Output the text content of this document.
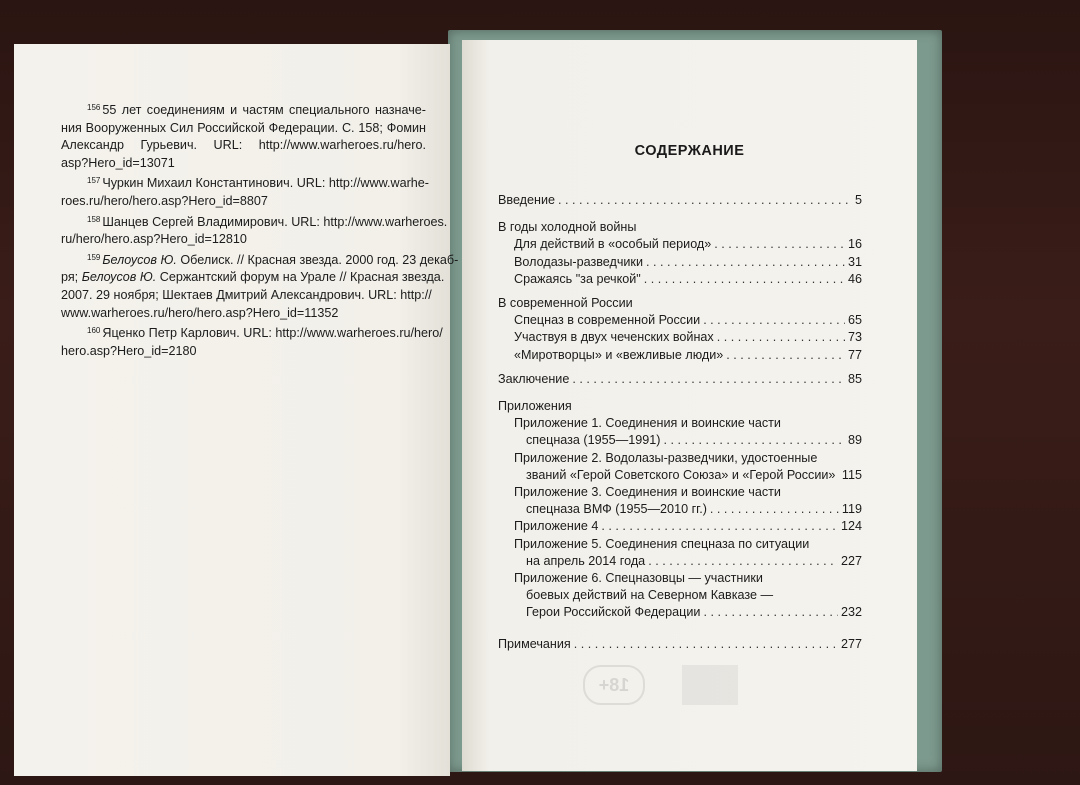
$^{156}$ 55 лет соединениям и частям специального назначе-
ния Вооруженных Сил Российской Федерации. С. 158; Фомин
Александр Гурьевич. URL: http://www.warheroes.ru/hero.
asp?Hero_id=13071

$^{157}$ Чуркин Михаил Константинович. URL: http://www.warhe-
roes.ru/hero/hero.asp?Hero_id=8807

$^{158}$ Шанцев Сергей Владимирович. URL: http://www.warheroes.
ru/hero/hero.asp?Hero_id=12810

$^{159}$ Белоусов Ю. Обелиск. // Красная звезда. 2000 год. 23 декаб-
ря; Белоусов Ю. Сержантский форум на Урале // Красная звезда.
2007. 29 ноября; Шектаев Дмитрий Александрович. URL: http://
www.warheroes.ru/hero/hero.asp?Hero_id=11352

$^{160}$ Яценко Петр Карлович. URL: http://www.warheroes.ru/hero/
hero.asp?Hero_id=2180

СОДЕРЖАНИЕ
Введение . . .	5
В годы холодной войны
Для действий в «особый период» . . .	16
Володазы-разведчики . . .	31
Сражаясь "за речкой" . . .	46
В современной России
Спецназ в современной России . . .	65
Участвуя в двух чеченских войнах . . .	73
«Миротворцы» и «вежливые люди» . . .	77
Заключение . . .	85
Приложения
Приложение 1. Соединения и воинские части
спецназа (1955—1991) . . .	89
Приложение 2. Водолазы-разведчики, удостоенные
званий «Герой Советского Союза» и «Герой России» . . . 115
Приложение 3. Соединения и воинские части
спецназа ВМФ (1955—2010 гг.) . . .	119
Приложение 4 . . .	124
Приложение 5. Соединения спецназа по ситуации
на апрель 2014 года . . .	227
Приложение 6. Спецназовцы — участники
боевых действий на Северном Кавказе —
Герои Российской Федерации . . .	232
Примечания . . .	277
18+
